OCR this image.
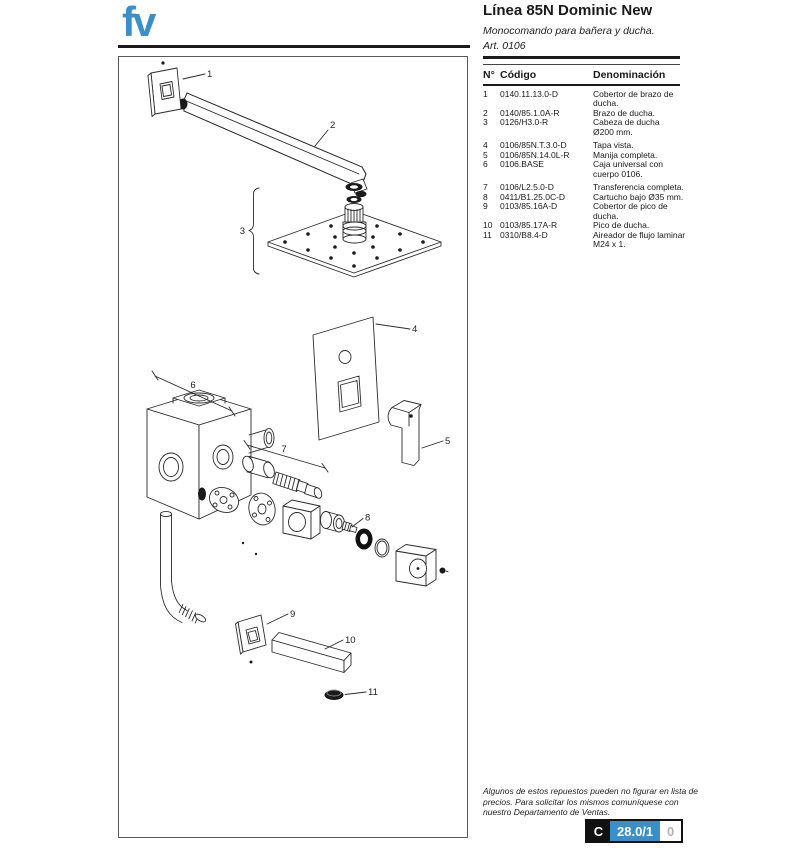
fv
2
1
3
4
5
6
7
8
9
10
11
Línea 85N Dominic New
Monocomando para bañera y ducha.
Art. 0106
N° Código	Denominación
1	0140.11.13.0-D	Cobertor de brazo de
ducha.
2	0140/85.1.0A-R	Brazo de ducha.
3	0126/H3.0-R	Cabeza de ducha
Ø200 mm.
4	0106/85N.T.3.0-D	Tapa vista.
5	0106/85N.14.0L-R	Manija completa.
6	0106.BASE	Caja universal con
cuerpo 0106.
7	0106/L2.5.0-D	Transferencia completa.
8	0411/B1.25.0C-D	Cartucho bajo Ø35 mm.
9	0103/85.16A-D	Cobertor de pico de
ducha.
10 0103/85.17A-R	Pico de ducha.
11 0310/B8.4-D	Aireador de flujo laminar
M24 x 1.
Algunos de estos repuestos pueden no figurar en lista de
precios. Para solicitar los mismos comuníquese con
nuestro Departamento de Ventas.
C	28.0/1	0
